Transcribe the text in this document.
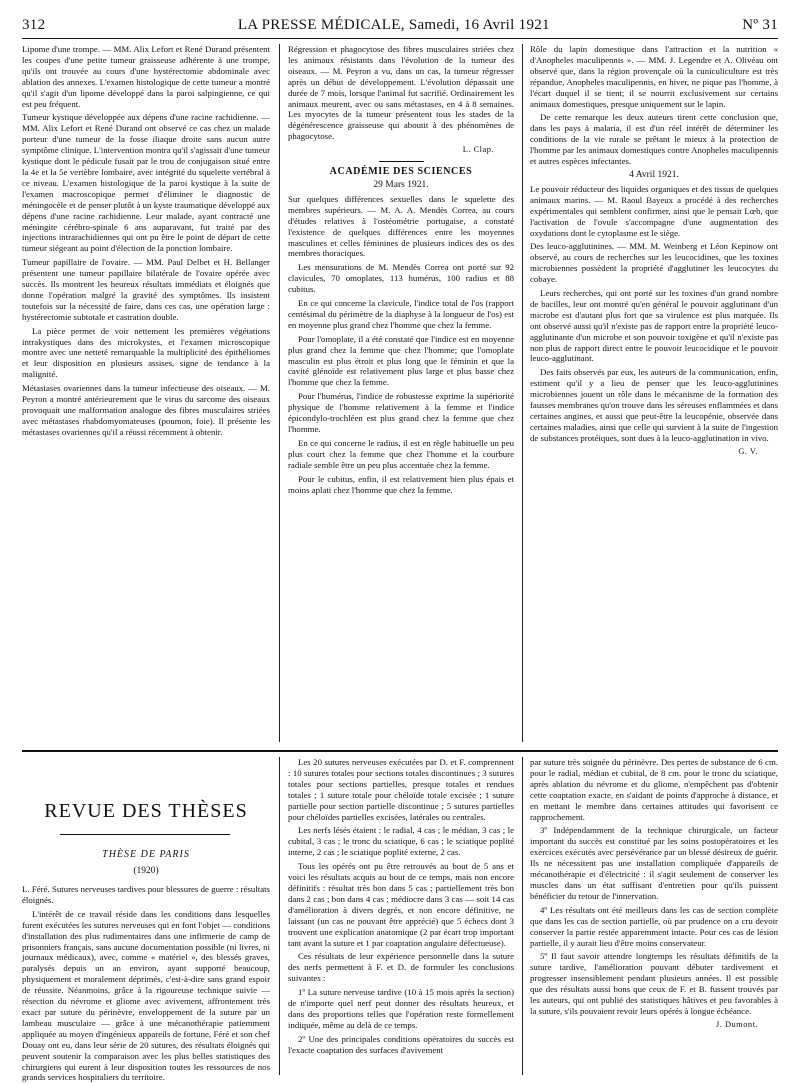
312	LA PRESSE MÉDICALE, Samedi, 16 Avril 1921	Nº 31

Lipome d'une trompe. — MM. Alix Lefort et René Durand présentent les coupes d'une petite tumeur graisseuse adhérente à une trompe, qu'ils ont trouvée au cours d'une hystérectomie abdominale avec ablation des annexes. L'examen histologique de cette tumeur a montré qu'il s'agit d'un lipome développé dans la paroi salpingienne, ce qui est peu fréquent.

Tumeur kystique développée aux dépens d'une racine rachidienne. — MM. Alix Lefort et René Durand ont observé ce cas chez un malade porteur d'une tumeur de la fosse iliaque droite sans aucun autre symptôme clinique. L'intervention montra qu'il s'agissait d'une tumeur kystique dont le pédicule fusait par le trou de conjugaison situé entre la 4e et la 5e vertèbre lombaire, avec intégrité du squelette vertébral à ce niveau. L'examen histologique de la paroi kystique à la suite de l'examen macroscopique permet d'éliminer le diagnostic de méningocèle et de penser plutôt à un kyste traumatique développé aux dépens d'une racine rachidienne. Leur malade, ayant contracté une méningite cérébro-spinale 6 ans auparavant, fut traité par des injections intrarachidiennes qui ont pu être le point de départ de cette tumeur siégeant au point d'élection de la ponction lombaire.

Tumeur papillaire de l'ovaire. — MM. Paul Delbet et H. Bellanger présentent une tumeur papillaire bilatérale de l'ovaire opérée avec succès. Ils montrent les heureux résultats immédiats et éloignés que donne l'opération malgré la gravité des symptômes. Ils insistent toutefois sur la nécessité de faire, dans ces cas, une opération large : hystérectomie subtotale et castration double.

La pièce permet de voir nettement les premières végétations intrakystiques dans des microkystes, et l'examen microscopique montre avec une netteté remarquable la multiplicité des épithéliomes et leur disposition en plusieurs assises, signe de tendance à la malignité.

Métastases ovariennes dans la tumeur infectieuse des oiseaux. — M. Peyron a montré antérieurement que le virus du sarcome des oiseaux provoquait une malformation analogue des fibres musculaires striées avec métastases rhabdomyomateuses (poumon, foie). Il présente les métastases ovariennes qu'il a réussi récemment à obtenir.

Régression et phagocytose des fibres musculaires striées chez les animaux résistants dans l'évolution de la tumeur des oiseaux. — M. Peyron a vu, dans un cas, la tumeur régresser après un début de développement. L'évolution dépassait une durée de 7 mois, lorsque l'animal fut sacrifié. Ordinairement les animaux meurent, avec ou sans métastases, en 4 à 8 semaines. Les myocytes de la tumeur présentent tous les stades de la dégénérescence graisseuse qui aboutit à des phénomènes de phagocytose.

L. Clap.

ACADÉMIE DES SCIENCES

29 Mars 1921.

Sur quelques différences sexuelles dans le squelette des membres supérieurs. — M. A. A. Mendès Correa, au cours d'études relatives à l'ostéométrie portugaise, a constaté l'existence de quelques différences entre les moyennes masculines et celles féminines de plusieurs indices des os des membres thoraciques.

Les mensurations de M. Mendès Correa ont porté sur 92 clavicules, 70 omoplates, 113 humérus, 100 radius et 88 cubitus.

En ce qui concerne la clavicule, l'indice total de l'os (rapport centésimal du périmètre de la diaphyse à la longueur de l'os) est en moyenne plus grand chez l'homme que chez la femme.

Pour l'omoplate, il a été constaté que l'indice est en moyenne plus grand chez la femme que chez l'homme; que l'omoplate masculin est plus étroit et plus long que le féminin et que la cavité glénoïde est relativement plus large et plus basse chez l'homme que chez la femme.

Pour l'humérus, l'indice de robustesse exprime la supériorité physique de l'homme relativement à la femme et l'indice épicondylo-trochléen est plus grand chez la femme que chez l'homme.

En ce qui concerne le radius, il est en règle habituelle un peu plus court chez la femme que chez l'homme et la courbure radiale semble être un peu plus accentuée chez la femme.

Pour le cubitus, enfin, il est relativement bien plus épais et moins aplati chez l'homme que chez la femme.

Rôle du lapin domestique dans l'attraction et la nutrition « d'Anopheles maculipennis ». — MM. J. Legendre et A. Olivéau ont observé que, dans la région provençale où la cuniculiculture est très répandue, Anopheles maculipennis, en hiver, ne pique pas l'homme, à l'écart duquel il se tient; il se nourrit exclusivement sur certains animaux domestiques, presque uniquement sur le lapin.

De cette remarque les deux auteurs tirent cette conclusion que, dans les pays à malaria, il est d'un réel intérêt de déterminer les conditions de la vie rurale se prêtant le mieux à la protection de l'homme par les animaux domestiques contre Anopheles maculipennis et autres espèces infectantes.

4 Avril 1921.

Le pouvoir réducteur des liquides organiques et des tissus de quelques animaux marins. — M. Raoul Bayeux a procédé à des recherches expérimentales qui semblent confirmer, ainsi que le pensait Lœb, que l'activation de l'ovule s'accompagne d'une augmentation des oxydations dont le cytoplasme est le siège.

Des leuco-agglutinines. — MM. M. Weinberg et Léon Kepinow ont observé, au cours de recherches sur les leucocidines, que les toxines microbiennes possèdent la propriété d'agglutiner les leucocytes du cobaye.

Leurs recherches, qui ont porté sur les toxines d'un grand nombre de bacilles, leur ont montré qu'en général le pouvoir agglutinant d'un microbe est d'autant plus fort que sa virulence est plus marquée. Ils ont observé aussi qu'il n'existe pas de rapport entre la propriété leuco-agglutinante d'un microbe et son pouvoir toxigène et qu'il n'existe pas non plus de rapport direct entre le pouvoir leucocidique et le pouvoir leuco-agglutinant.

Des faits observés par eux, les auteurs de la communication, enfin, estiment qu'il y a lieu de penser que les leuco-agglutinines microbiennes jouent un rôle dans le mécanisme de la formation des fausses membranes qu'on trouve dans les séreuses enflammées et dans certaines angines, et aussi que peut-être la leucopénie, observée dans certaines maladies, ainsi que celle qui survient à la suite de l'ingestion de substances protéiques, sont dues à la leuco-agglutination in vivo.

G. V.

REVUE DES THÈSES
THÈSE DE PARIS
(1920)

L. Féré. Sutures nerveuses tardives pour blessures de guerre : résultats éloignés.

L'intérêt de ce travail réside dans les conditions dans lesquelles furent exécutées les sutures nerveuses qui en font l'objet — conditions d'installation des plus rudimentaires dans une infirmerie de camp de prisonniers français, sans aucune documentation possible (ni livres, ni journaux médicaux), avec, comme « matériel », des blessés graves, paralysés depuis un an environ, ayant supporté beaucoup, physiquement et moralement déprimés, c'est-à-dire sans grand espoir de réussite. Néanmoins, grâce à la rigoureuse technique suivie — résection du névrome et gliome avec avivement, affrontement très exact par suture du périnèvre, enveloppement de la suture par un lambeau musculaire — grâce à une mécanothérapie patiemment appliquée au moyen d'ingénieux appareils de fortune, Féré et son chef Douay ont eu, dans leur série de 20 sutures, des résultats éloignés qui peuvent soutenir la comparaison avec les plus belles statistiques des chirurgiens qui eurent à leur disposition toutes les ressources de nos grands services hospitaliers du territoire.

Les 20 sutures nerveuses exécutées par D. et F. comprennent : 10 sutures totales pour sections totales discontinues ; 3 sutures totales pour sections partielles, presque totales et rendues totales ; 1 suture totale pour chéloïde totale excisée ; 1 suture partielle pour section partielle discontinue ; 5 sutures partielles pour chéloïdes partielles excisées, latérales ou centrales.

Les nerfs lésés étaient : le radial, 4 cas ; le médian, 3 cas ; le cubital, 3 cas ; le tronc du sciatique, 6 cas ; le sciatique poplité interne, 2 cas ; le sciatique poplité externe, 2 cas.

Tous les opérés ont pu être retrouvés au bout de 5 ans et voici les résultats acquis au bout de ce temps, mais non encore définitifs : résultat très bon dans 5 cas ; partiellement très bon dans 2 cas ; bon dans 4 cas ; médiocre dans 3 cas — soit 14 cas d'amélioration à divers degrés, et non encore définitive, ne laissant (un cas ne pouvant être apprécié) que 5 échecs dont 3 trouvent une explication anatomique (2 par écart trop important tant avant la suture et 1 par coaptation angulaire défectueuse).

Ces résultats de leur expérience personnelle dans la suture des nerfs permettent à F. et D. de formuler les conclusions suivantes :

1º La suture nerveuse tardive (10 à 15 mois après la section) de n'importe quel nerf peut donner des résultats heureux, et dans des proportions telles que l'opération reste formellement indiquée, même au delà de ce temps.

2º Une des principales conditions opératoires du succès est l'exacte coaptation des surfaces d'avivement

par suture très soignée du périnèvre. Des pertes de substance de 6 cm. pour le radial, médian et cubital, de 8 cm. pour le tronc du sciatique, après ablation du névrome et du gliome, n'empêchent pas d'obtenir cette coaptation exacte, en s'aidant de points d'approche à distance, et en mettant le membre dans certaines attitudes qui favorisent ce rapprochement.

3º Indépendamment de la technique chirurgicale, un facteur important du succès est constitué par les soins postopératoires et les exercices exécutés avec persévérance par un blessé désireux de guérir. Ils ne nécessitent pas une installation compliquée d'appareils de mécanothérapie et d'électricité : il s'agit seulement de conserver les muscles dans un état suffisant d'entretien pour qu'ils puissent bénéficier du retour de l'innervation.

4º Les résultats ont été meilleurs dans les cas de section complète que dans les cas de section partielle, où par prudence on a cru devoir conserver la partie restée apparemment intacte. Pour ces cas de lésion partielle, il y aurait lieu d'être moins conservateur.

5º Il faut savoir attendre longtemps les résultats définitifs de la suture tardive, l'amélioration pouvant débuter tardivement et progresser insensiblement pendant plusieurs années. Il est possible que des résultats aussi bons que ceux de F. et B. fussent trouvés par les auteurs, qui ont publié des statistiques hâtives et peu favorables à la suture, s'ils pouvaient revoir leurs opérés à longue échéance.

J. Dumont.
